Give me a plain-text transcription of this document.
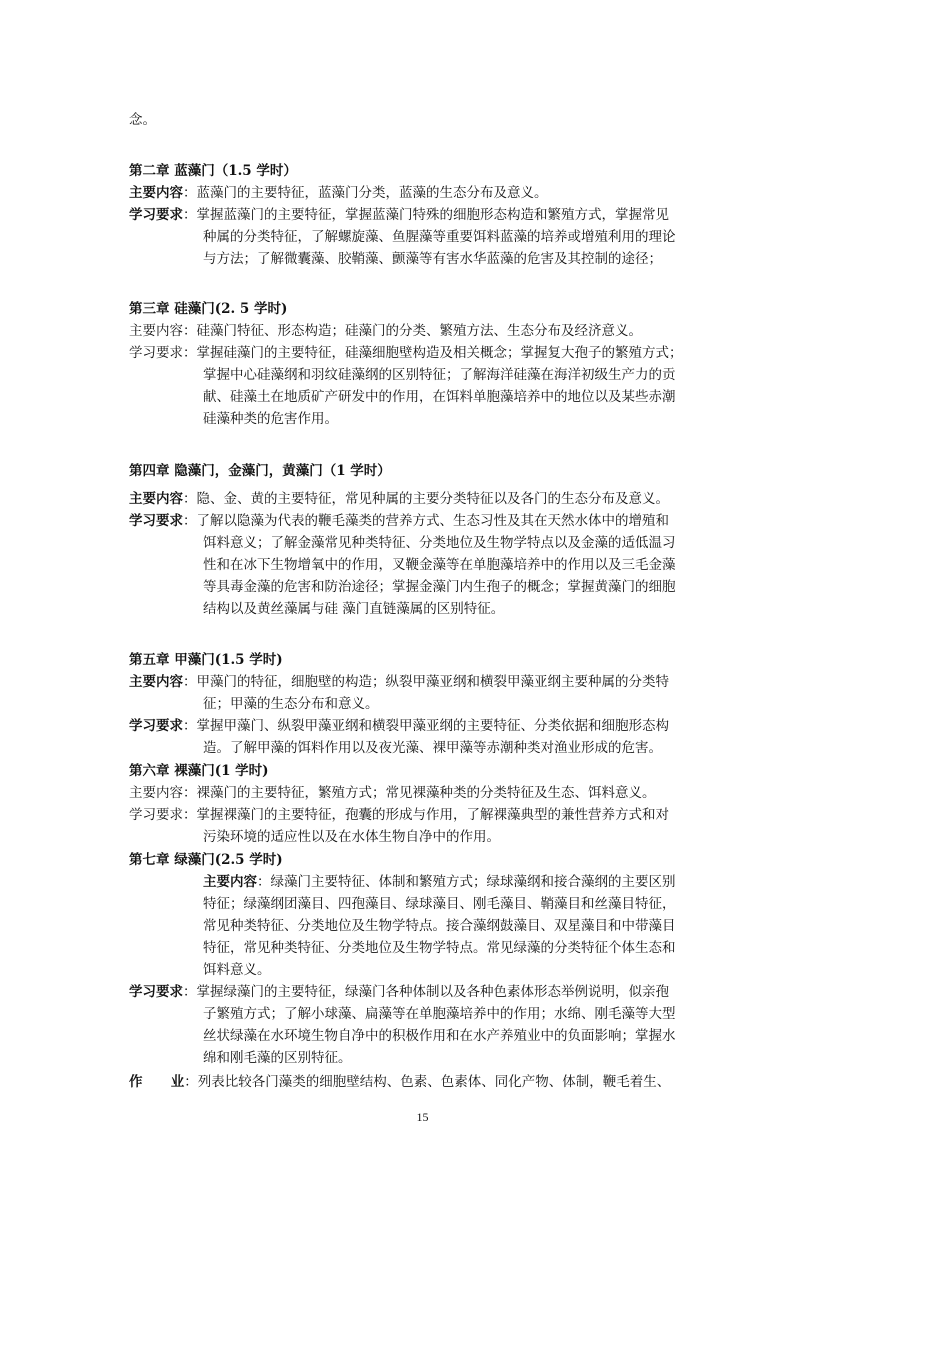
念。
第二章 蓝藻门（1.5 学时）
主要内容：蓝藻门的主要特征，蓝藻门分类，蓝藻的生态分布及意义。
学习要求：掌握蓝藻门的主要特征，掌握蓝藻门特殊的细胞形态构造和繁殖方式，掌握常见
种属的分类特征，了解螺旋藻、鱼腥藻等重要饵料蓝藻的培养或增殖利用的理论
与方法；了解微囊藻、胶鞘藻、颤藻等有害水华蓝藻的危害及其控制的途径；
第三章 硅藻门(2. 5 学时)
主要内容：硅藻门特征、形态构造；硅藻门的分类、繁殖方法、生态分布及经济意义。
学习要求：掌握硅藻门的主要特征，硅藻细胞壁构造及相关概念；掌握复大孢子的繁殖方式；
掌握中心硅藻纲和羽纹硅藻纲的区别特征；了解海洋硅藻在海洋初级生产力的贡
献、硅藻土在地质矿产研发中的作用，在饵料单胞藻培养中的地位以及某些赤潮
硅藻种类的危害作用。
第四章 隐藻门，金藻门，黄藻门（1 学时）
主要内容：隐、金、黄的主要特征，常见种属的主要分类特征以及各门的生态分布及意义。
学习要求：了解以隐藻为代表的鞭毛藻类的营养方式、生态习性及其在天然水体中的增殖和
饵料意义；了解金藻常见种类特征、分类地位及生物学特点以及金藻的适低温习
性和在冰下生物增氧中的作用，叉鞭金藻等在单胞藻培养中的作用以及三毛金藻
等具毒金藻的危害和防治途径；掌握金藻门内生孢子的概念；掌握黄藻门的细胞
结构以及黄丝藻属与硅 藻门直链藻属的区别特征。
第五章 甲藻门(1.5 学时)
主要内容：甲藻门的特征，细胞壁的构造；纵裂甲藻亚纲和横裂甲藻亚纲主要种属的分类特
征；甲藻的生态分布和意义。
学习要求：掌握甲藻门、纵裂甲藻亚纲和横裂甲藻亚纲的主要特征、分类依据和细胞形态构
造。了解甲藻的饵料作用以及夜光藻、裸甲藻等赤潮种类对渔业形成的危害。
第六章 裸藻门(1 学时)
主要内容：裸藻门的主要特征，繁殖方式；常见裸藻种类的分类特征及生态、饵料意义。
学习要求：掌握裸藻门的主要特征，孢囊的形成与作用，了解裸藻典型的兼性营养方式和对
污染环境的适应性以及在水体生物自净中的作用。
第七章 绿藻门(2.5 学时)
主要内容：绿藻门主要特征、体制和繁殖方式；绿球藻纲和接合藻纲的主要区别
特征；绿藻纲团藻目、四孢藻目、绿球藻目、刚毛藻目、鞘藻目和丝藻目特征，
常见种类特征、分类地位及生物学特点。接合藻纲鼓藻目、双星藻目和中带藻目
特征，常见种类特征、分类地位及生物学特点。常见绿藻的分类特征个体生态和
饵料意义。
学习要求：掌握绿藻门的主要特征，绿藻门各种体制以及各种色素体形态举例说明，似亲孢
子繁殖方式；了解小球藻、扁藻等在单胞藻培养中的作用；水绵、刚毛藻等大型
丝状绿藻在水环境生物自净中的积极作用和在水产养殖业中的负面影响；掌握水
绵和刚毛藻的区别特征。
作      业：列表比较各门藻类的细胞壁结构、色素、色素体、同化产物、体制，鞭毛着生、
15
